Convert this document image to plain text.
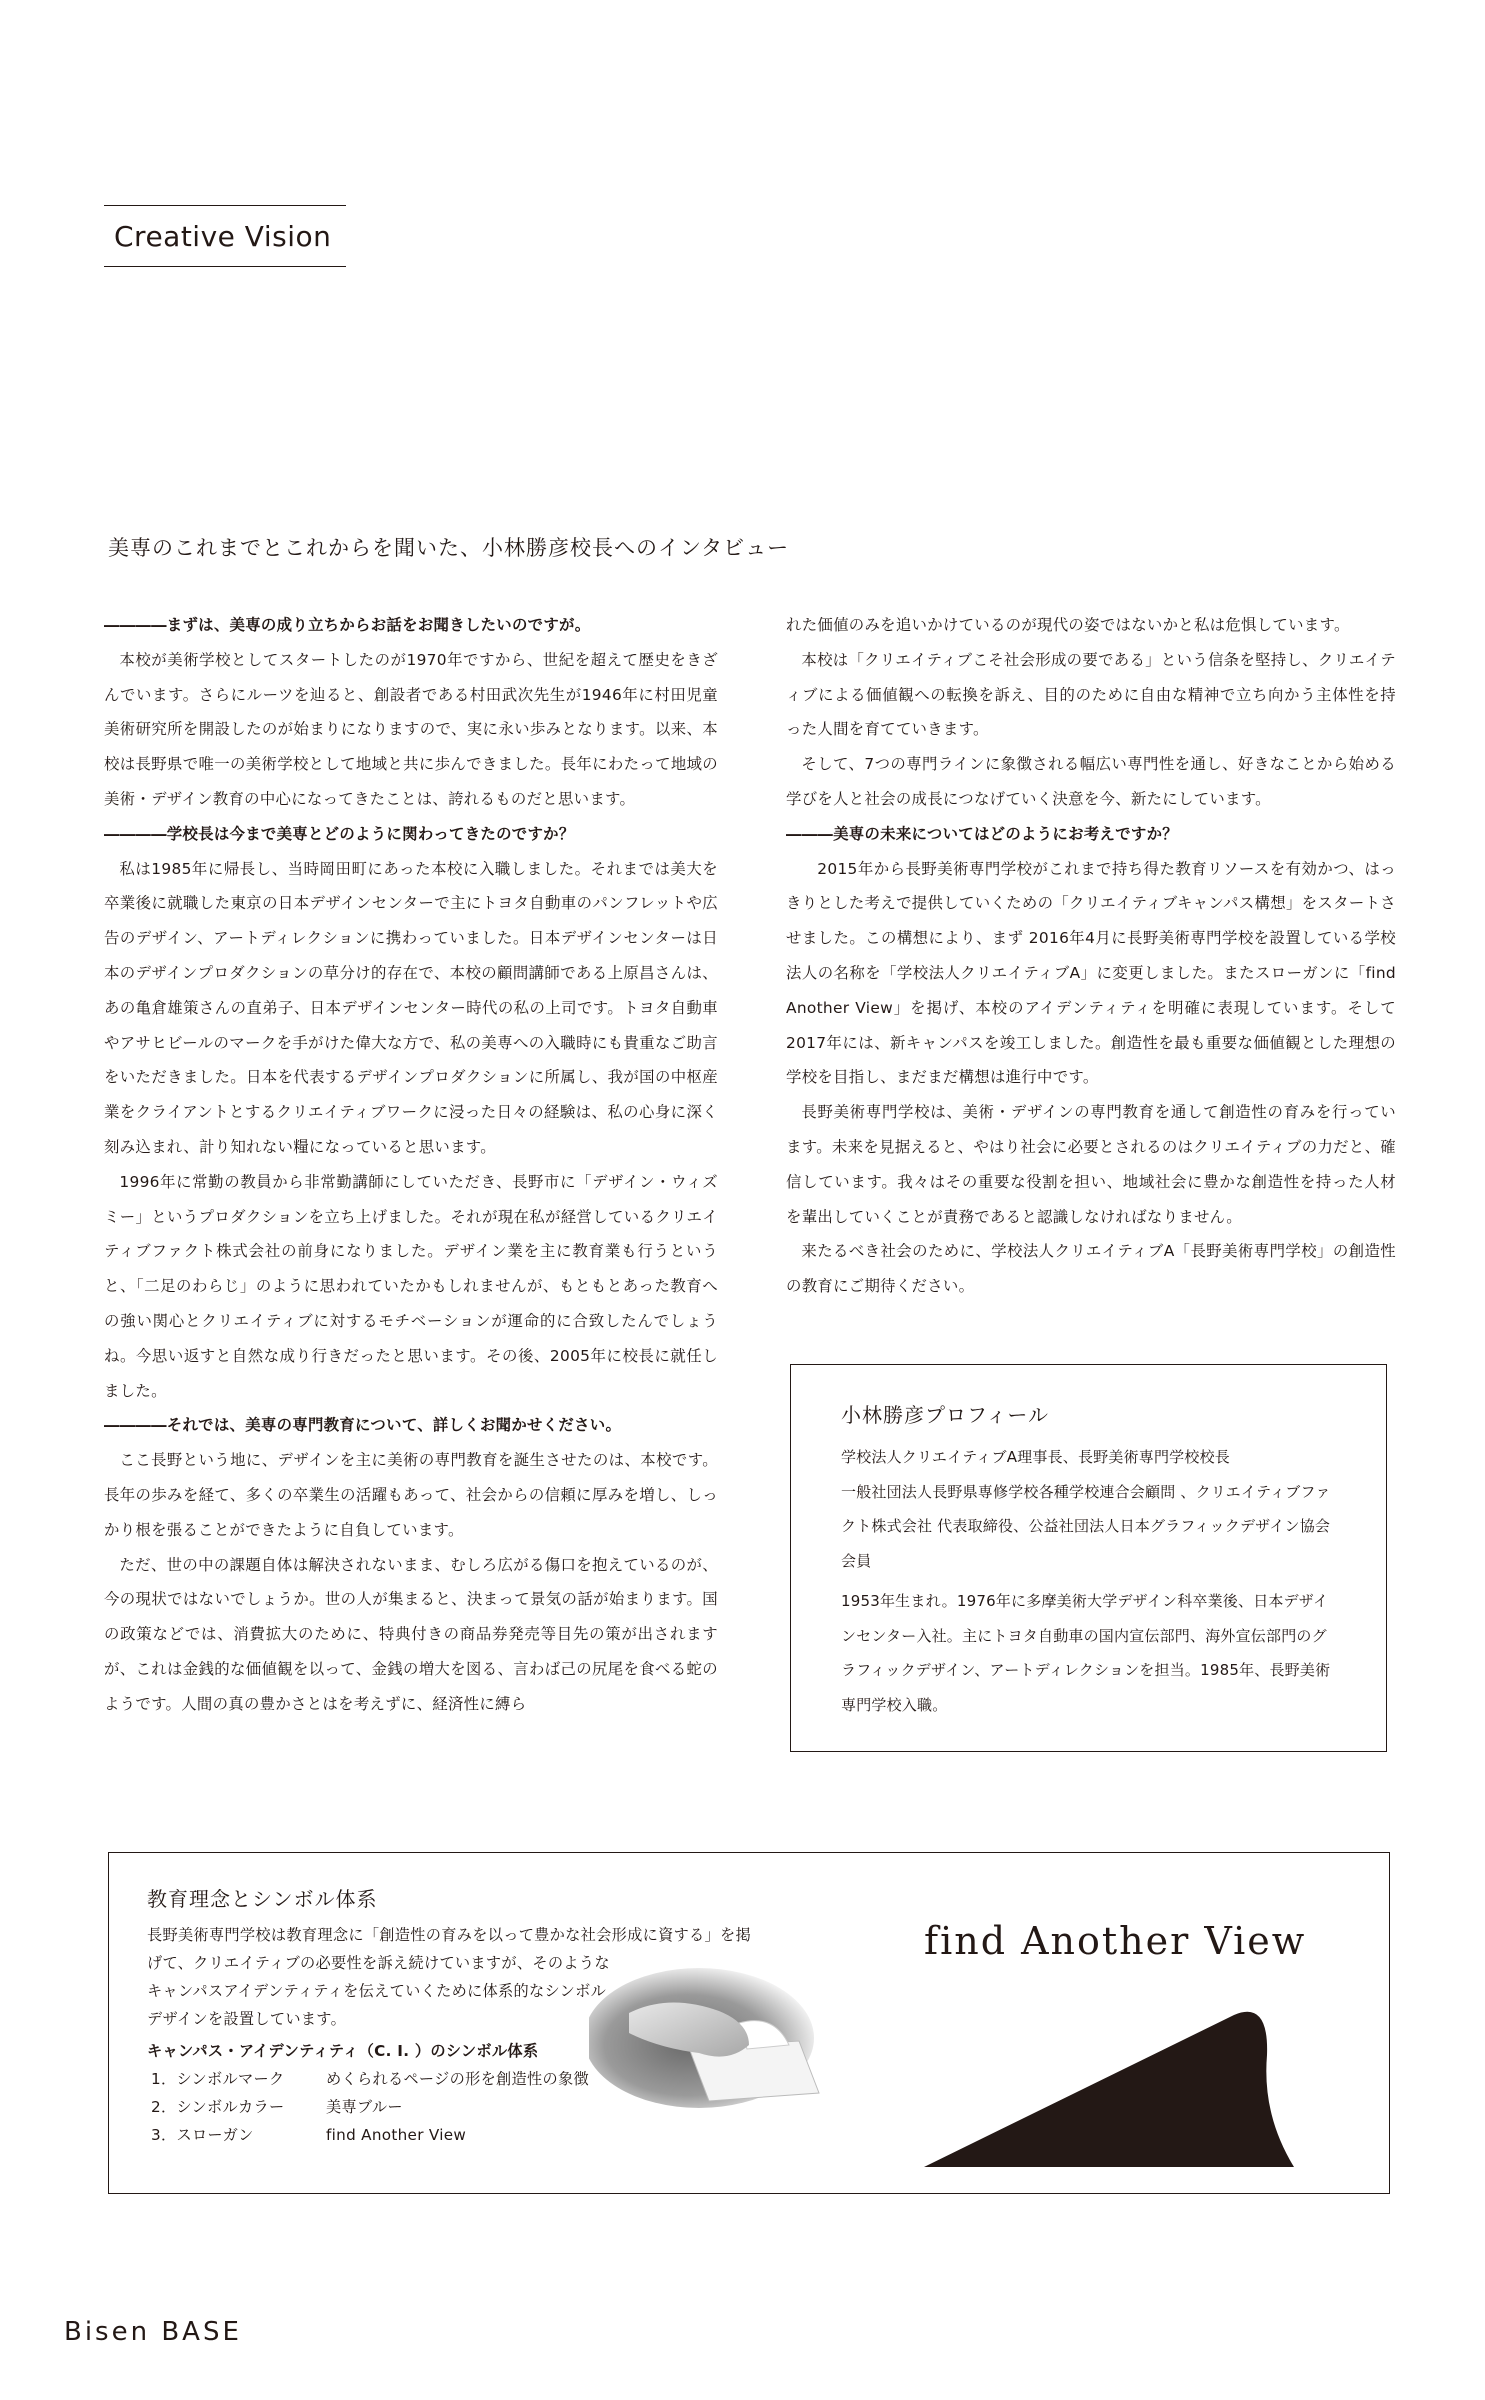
Creative Vision
美専のこれまでとこれからを聞いた、小林勝彦校長へのインタビュー

――――まずは、美専の成り立ちからお話をお聞きしたいのですが。

本校が美術学校としてスタートしたのが1970年ですから、世紀を超えて歴史をきざんでいます。さらにルーツを辿ると、創設者である村田武次先生が1946年に村田児童美術研究所を開設したのが始まりになりますので、実に永い歩みとなります。以来、本校は長野県で唯一の美術学校として地域と共に歩んできました。長年にわたって地域の美術・デザイン教育の中心になってきたことは、誇れるものだと思います。

――――学校長は今まで美専とどのように関わってきたのですか？

私は1985年に帰長し、当時岡田町にあった本校に入職しました。それまでは美大を卒業後に就職した東京の日本デザインセンターで主にトヨタ自動車のパンフレットや広告のデザイン、アートディレクションに携わっていました。日本デザインセンターは日本のデザインプロダクションの草分け的存在で、本校の顧問講師である上原昌さんは、あの亀倉雄策さんの直弟子、日本デザインセンター時代の私の上司です。トヨタ自動車やアサヒビールのマークを手がけた偉大な方で、私の美専への入職時にも貴重なご助言をいただきました。日本を代表するデザインプロダクションに所属し、我が国の中枢産業をクライアントとするクリエイティブワークに浸った日々の経験は、私の心身に深く刻み込まれ、計り知れない糧になっていると思います。

1996年に常勤の教員から非常勤講師にしていただき、長野市に「デザイン・ウィズミー」というプロダクションを立ち上げました。それが現在私が経営しているクリエイティブファクト株式会社の前身になりました。デザイン業を主に教育業も行うというと、「二足のわらじ」のように思われていたかもしれませんが、もともとあった教育への強い関心とクリエイティブに対するモチベーションが運命的に合致したんでしょうね。今思い返すと自然な成り行きだったと思います。その後、2005年に校長に就任しました。

――――それでは、美専の専門教育について、詳しくお聞かせください。

ここ長野という地に、デザインを主に美術の専門教育を誕生させたのは、本校です。長年の歩みを経て、多くの卒業生の活躍もあって、社会からの信頼に厚みを増し、しっかり根を張ることができたように自負しています。

ただ、世の中の課題自体は解決されないまま、むしろ広がる傷口を抱えているのが、今の現状ではないでしょうか。世の人が集まると、決まって景気の話が始まります。国の政策などでは、消費拡大のために、特典付きの商品券発売等目先の策が出されますが、これは金銭的な価値観を以って、金銭の増大を図る、言わば己の尻尾を食べる蛇のようです。人間の真の豊かさとはを考えずに、経済性に縛ら

れた価値のみを追いかけているのが現代の姿ではないかと私は危惧しています。

本校は「クリエイティブこそ社会形成の要である」という信条を堅持し、クリエイティブによる価値観への転換を訴え、目的のために自由な精神で立ち向かう主体性を持った人間を育てていきます。

そして、7つの専門ラインに象徴される幅広い専門性を通し、好きなことから始める学びを人と社会の成長につなげていく決意を今、新たにしています。

―――美専の未来についてはどのようにお考えですか？

　2015年から長野美術専門学校がこれまで持ち得た教育リソースを有効かつ、はっきりとした考えで提供していくための「クリエイティブキャンパス構想」をスタートさせました。この構想により、まず 2016年4月に長野美術専門学校を設置している学校法人の名称を「学校法人クリエイティブA」に変更しました。またスローガンに「find Another View」を掲げ、本校のアイデンティティを明確に表現しています。そして2017年には、新キャンパスを竣工しました。創造性を最も重要な価値観とした理想の学校を目指し、まだまだ構想は進行中です。

長野美術専門学校は、美術・デザインの専門教育を通して創造性の育みを行っています。未来を見据えると、やはり社会に必要とされるのはクリエイティブの力だと、確信しています。我々はその重要な役割を担い、地域社会に豊かな創造性を持った人材を輩出していくことが責務であると認識しなければなりません。

来たるべき社会のために、学校法人クリエイティブA「長野美術専門学校」の創造性の教育にご期待ください。

小林勝彦プロフィール

学校法人クリエイティブA理事長、長野美術専門学校校長

一般社団法人長野県専修学校各種学校連合会顧問 、クリエイティブファクト株式会社 代表取締役、公益社団法人日本グラフィックデザイン協会会員

1953年生まれ。1976年に多摩美術大学デザイン科卒業後、日本デザインセンター入社。主にトヨタ自動車の国内宣伝部門、海外宣伝部門のグラフィックデザイン、アートディレクションを担当。1985年、長野美術専門学校入職。

教育理念とシンボル体系

長野美術専門学校は教育理念に「創造性の育みを以って豊かな社会形成に資する」を掲

げて、クリエイティブの必要性を訴え続けていますが、そのようなキャンパスアイデンティティを伝えていくために体系的なシンボルデザインを設置しています。

キャンパス・アイデンティティ（C. I. ）のシンボル体系

1．シンボルマーク	めくられるページの形を創造性の象徴
2．シンボルカラー	美専ブルー
3．スローガン	find Another View
find Another View
Bisen BASE
